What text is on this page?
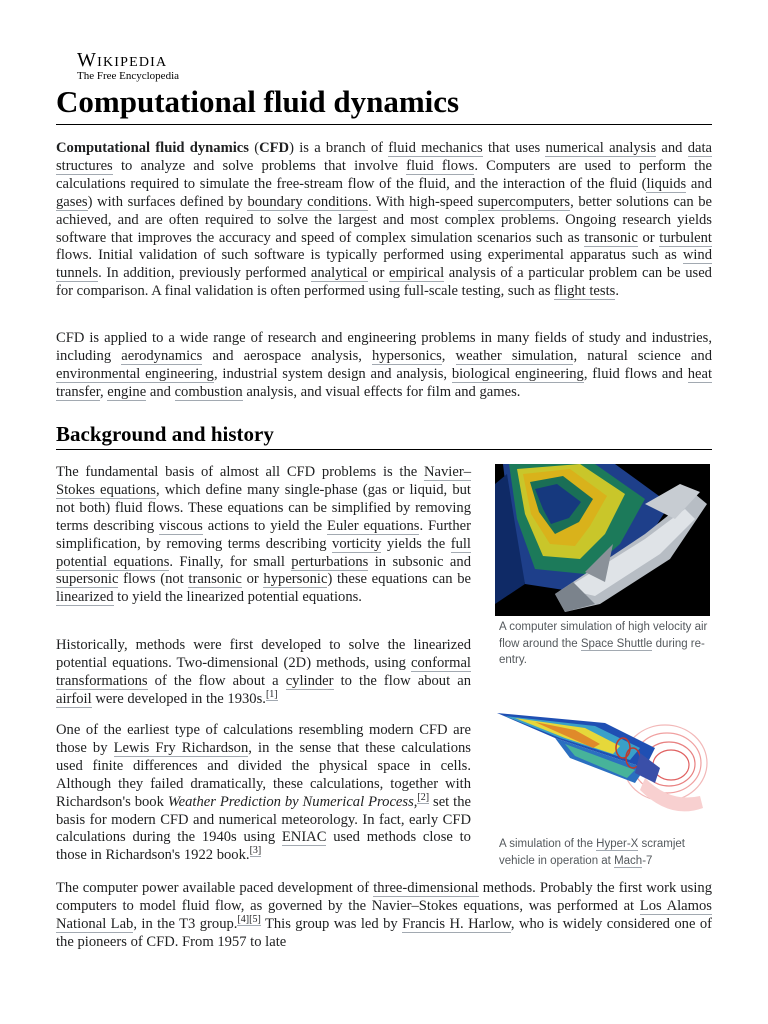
Wikipedia
The Free Encyclopedia
Computational fluid dynamics

Computational fluid dynamics (CFD) is a branch of fluid mechanics that uses numerical analysis and data structures to analyze and solve problems that involve fluid flows. Computers are used to perform the calculations required to simulate the free-stream flow of the fluid, and the interaction of the fluid (liquids and gases) with surfaces defined by boundary conditions. With high-speed supercomputers, better solutions can be achieved, and are often required to solve the largest and most complex problems. Ongoing research yields software that improves the accuracy and speed of complex simulation scenarios such as transonic or turbulent flows. Initial validation of such software is typically performed using experimental apparatus such as wind tunnels. In addition, previously performed analytical or empirical analysis of a particular problem can be used for comparison. A final validation is often performed using full-scale testing, such as flight tests.

CFD is applied to a wide range of research and engineering problems in many fields of study and industries, including aerodynamics and aerospace analysis, hypersonics, weather simulation, natural science and environmental engineering, industrial system design and analysis, biological engineering, fluid flows and heat transfer, engine and combustion analysis, and visual effects for film and games.

Background and history

The fundamental basis of almost all CFD problems is the Navier–Stokes equations, which define many single-phase (gas or liquid, but not both) fluid flows. These equations can be simplified by removing terms describing viscous actions to yield the Euler equations. Further simplification, by removing terms describing vorticity yields the full potential equations. Finally, for small perturbations in subsonic and supersonic flows (not transonic or hypersonic) these equations can be linearized to yield the linearized potential equations.

Historically, methods were first developed to solve the linearized potential equations. Two-dimensional (2D) methods, using conformal transformations of the flow about a cylinder to the flow about an airfoil were developed in the 1930s.[1]

One of the earliest type of calculations resembling modern CFD are those by Lewis Fry Richardson, in the sense that these calculations used finite differences and divided the physical space in cells. Although they failed dramatically, these calculations, together with Richardson's book Weather Prediction by Numerical Process,[2] set the basis for modern CFD and numerical meteorology. In fact, early CFD calculations during the 1940s using ENIAC used methods close to those in Richardson's 1922 book.[3]

The computer power available paced development of three-dimensional methods. Probably the first work using computers to model fluid flow, as governed by the Navier–Stokes equations, was performed at Los Alamos National Lab, in the T3 group.[4][5] This group was led by Francis H. Harlow, who is widely considered one of the pioneers of CFD. From 1957 to late

A computer simulation of high velocity air flow around the Space Shuttle during re-entry.
A simulation of the Hyper-X scramjet vehicle in operation at Mach-7
